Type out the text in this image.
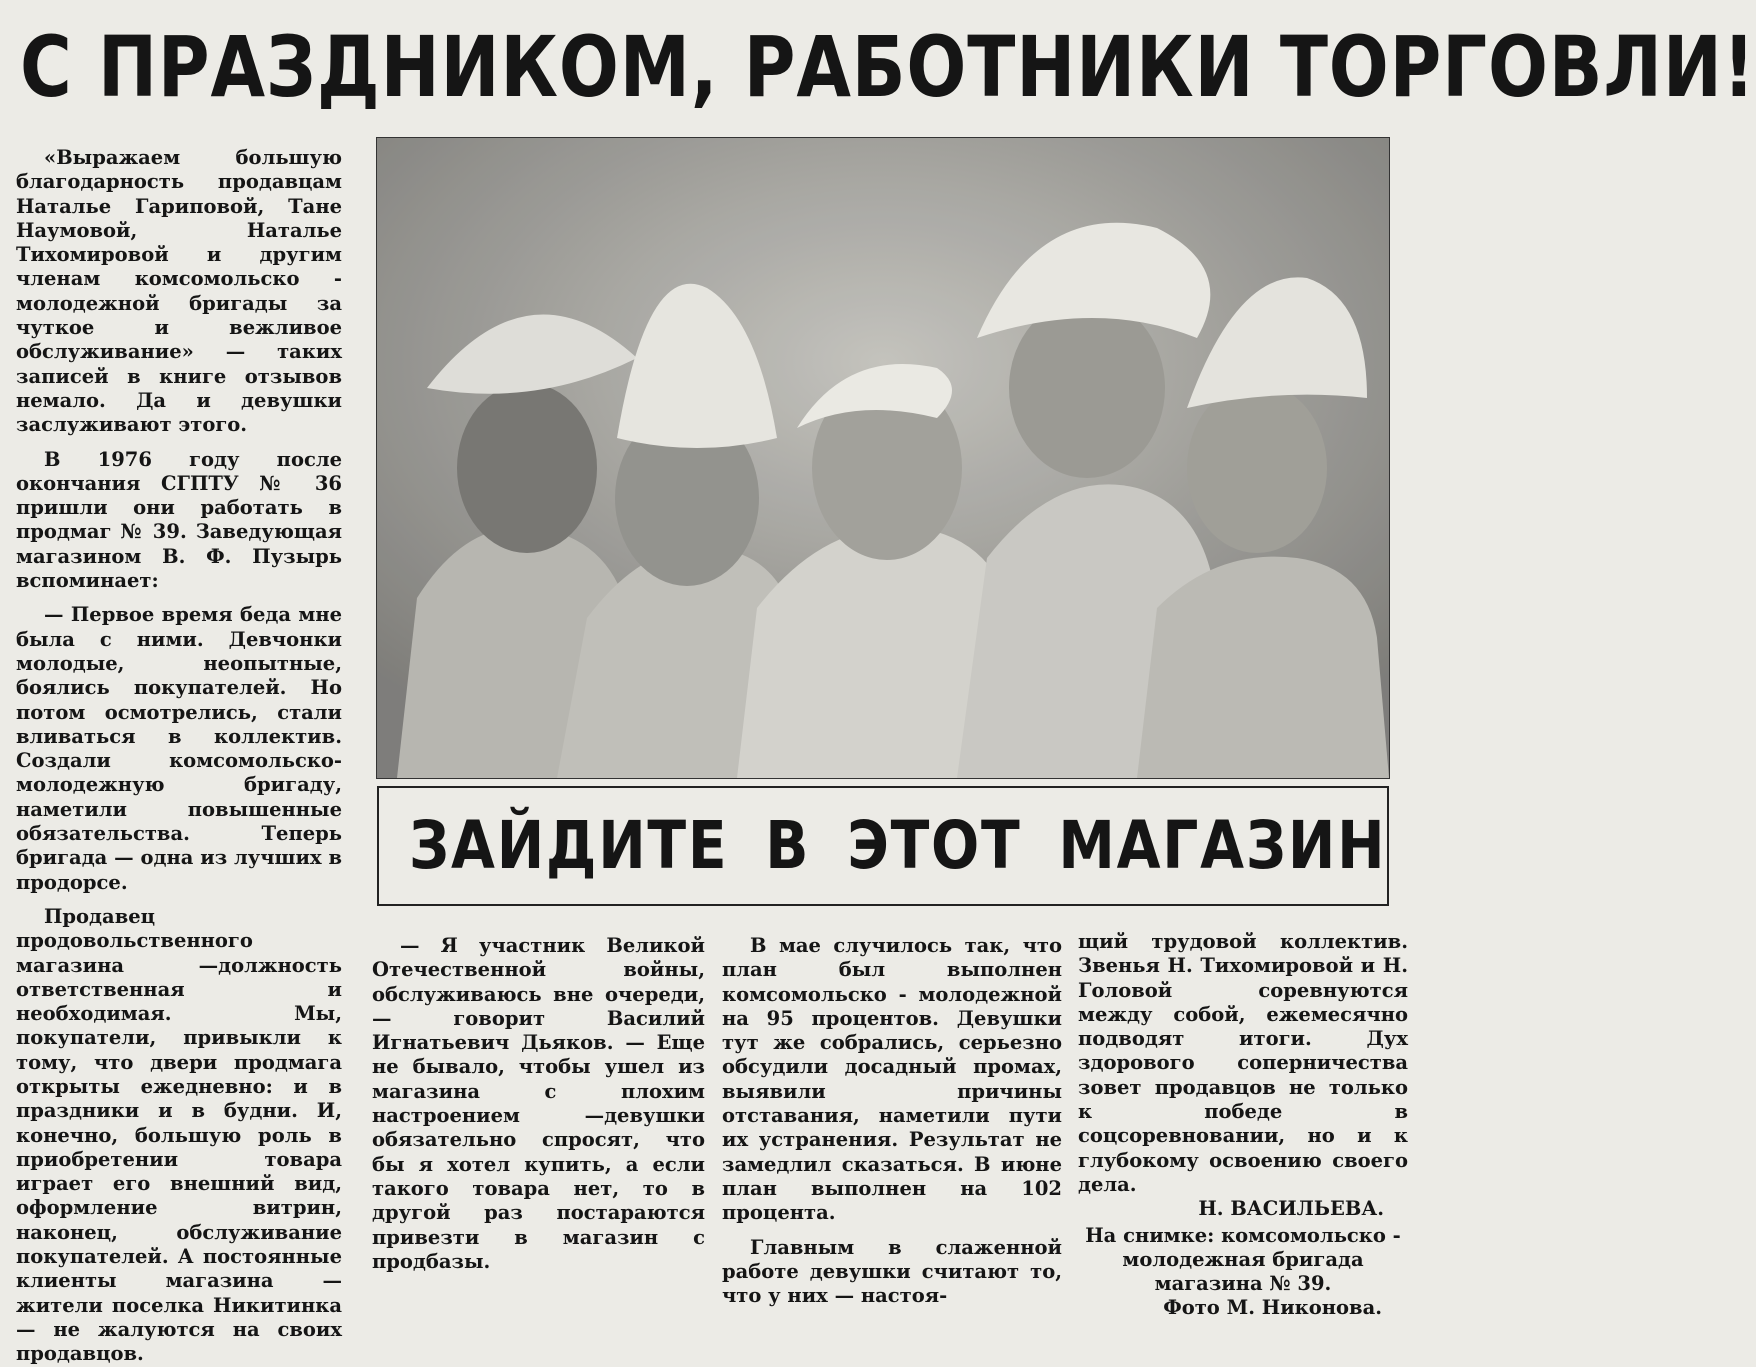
С ПРАЗДНИКОМ, РАБОТНИКИ ТОРГОВЛИ!

«Выражаем большую благодарность продавцам Наталье Гариповой, Тане Наумовой, Наталье Тихомировой и другим членам комсомольско - молодежной бригады за чуткое и вежливое обслуживание» — таких записей в книге отзывов немало. Да и девушки заслуживают этого.

В 1976 году после окончания СГПТУ № 36 пришли они работать в продмаг № 39. Заведующая магазином В. Ф. Пузырь вспоминает:

— Первое время беда мне была с ними. Девчонки молодые, неопытные, боялись покупателей. Но потом осмотрелись, стали вливаться в коллектив. Создали комсомольско-молодежную бригаду, наметили повышенные обязательства. Теперь бригада — одна из лучших в продорсе.

Продавец продовольственного магазина —должность ответственная и необходимая. Мы, покупатели, привыкли к тому, что двери продмага открыты ежедневно: и в праздники и в будни. И, конечно, большую роль в приобретении товара играет его внешний вид, оформление витрин, наконец, обслуживание покупателей. А постоянные клиенты магазина — жители поселка Никитинка — не жалуются на своих продавцов.

ЗАЙДИТЕ В ЭТОТ МАГАЗИН

— Я участник Великой Отечественной войны, обслуживаюсь вне очереди, — говорит Василий Игнатьевич Дьяков. — Еще не бывало, чтобы ушел из магазина с плохим настроением —девушки обязательно спросят, что бы я хотел купить, а если такого товара нет, то в другой раз постараются привезти в магазин с продбазы.

В мае случилось так, что план был выполнен комсомольско - молодежной на 95 процентов. Девушки тут же собрались, серьезно обсудили досадный промах, выявили причины отставания, наметили пути их устранения. Результат не замедлил сказаться. В июне план выполнен на 102 процента.

Главным в слаженной работе девушки считают то, что у них — настоя-

щий трудовой коллектив. Звенья Н. Тихомировой и Н. Головой соревнуются между собой, ежемесячно подводят итоги. Дух здорового соперничества зовет продавцов не только к победе в соцсоревновании, но и к глубокому освоению своего дела.

Н. ВАСИЛЬЕВА.

На снимке: комсомольско - молодежная бригада магазина № 39.

Фото М. Никонова.
